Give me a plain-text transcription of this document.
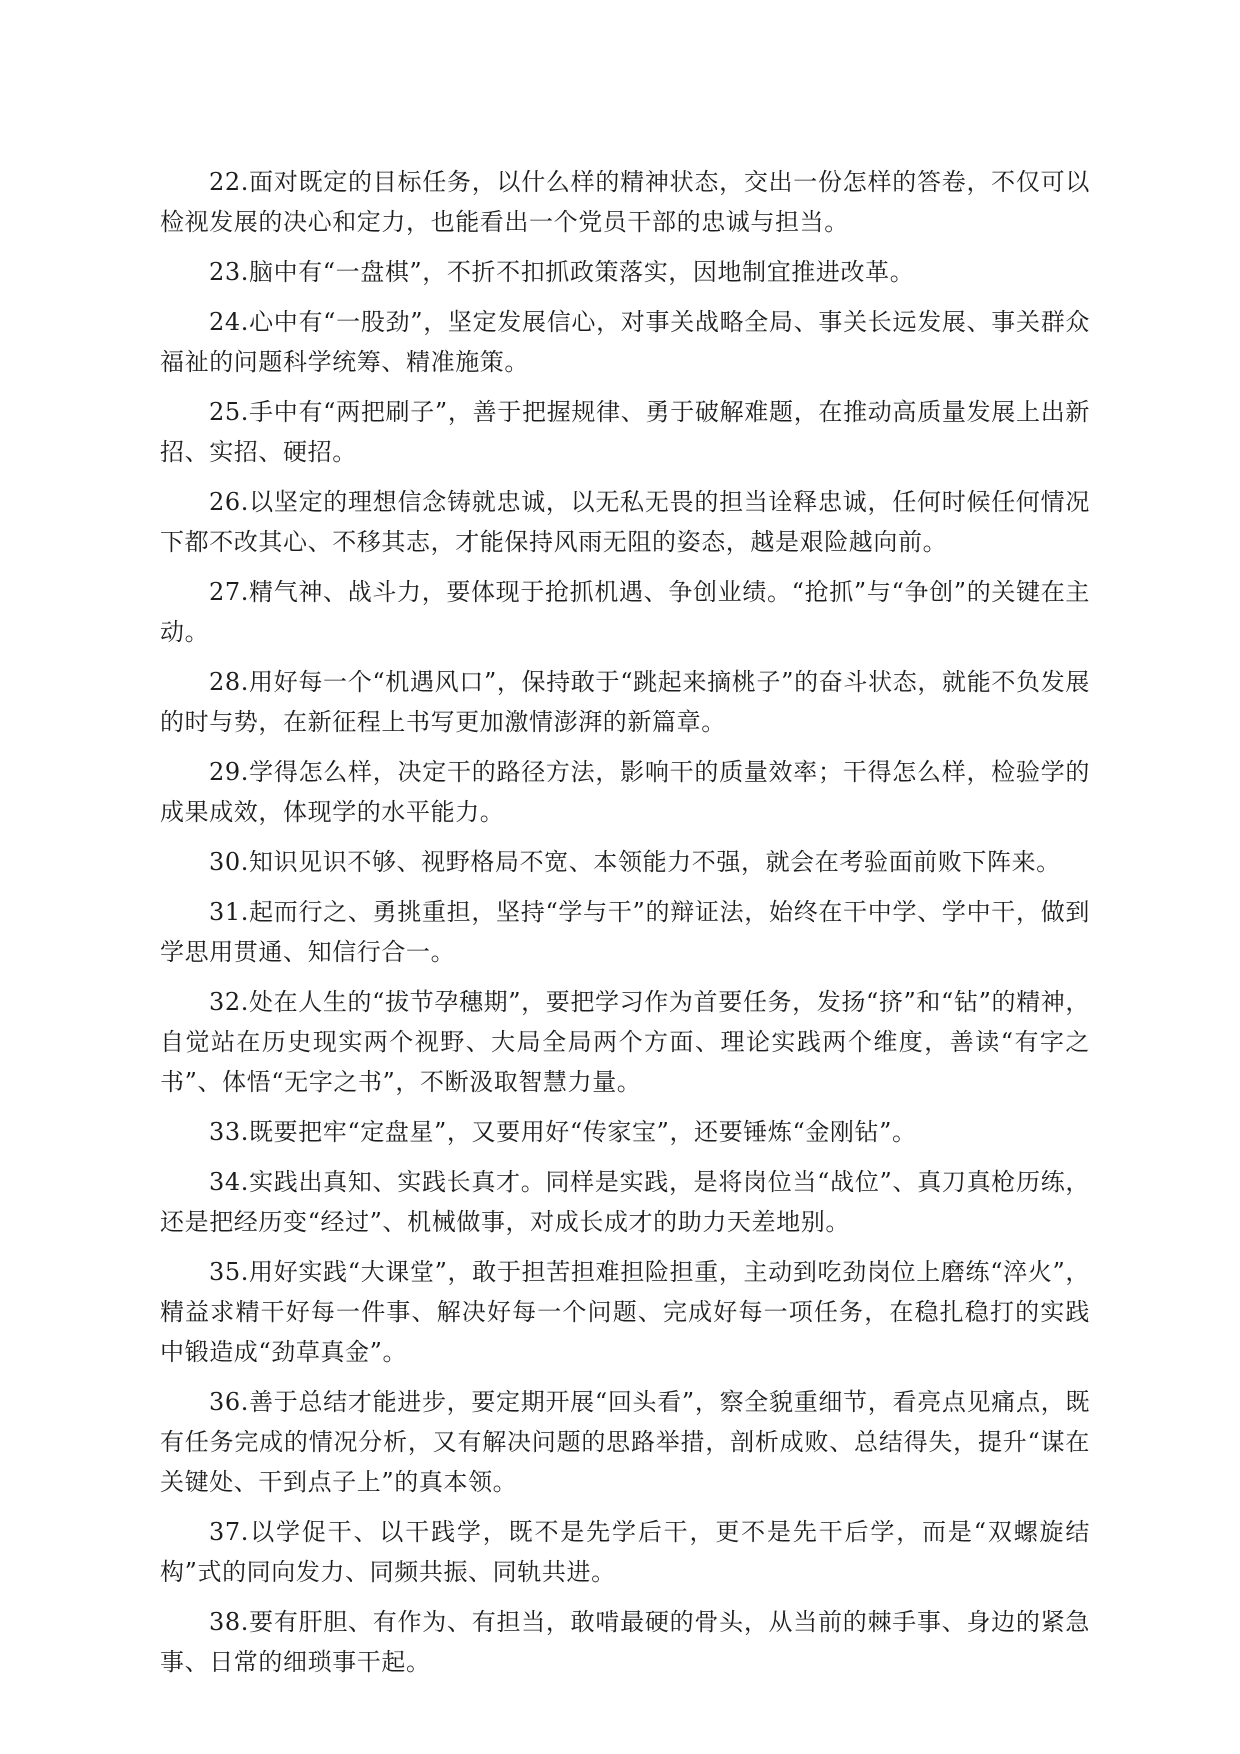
22.面对既定的目标任务，以什么样的精神状态，交出一份怎样的答卷，不仅可以检视发展的决心和定力，也能看出一个党员干部的忠诚与担当。

23.脑中有“一盘棋”，不折不扣抓政策落实，因地制宜推进改革。

24.心中有“一股劲”，坚定发展信心，对事关战略全局、事关长远发展、事关群众福祉的问题科学统筹、精准施策。

25.手中有“两把刷子”，善于把握规律、勇于破解难题，在推动高质量发展上出新招、实招、硬招。

26.以坚定的理想信念铸就忠诚，以无私无畏的担当诠释忠诚，任何时候任何情况下都不改其心、不移其志，才能保持风雨无阻的姿态，越是艰险越向前。

27.精气神、战斗力，要体现于抢抓机遇、争创业绩。“抢抓”与“争创”的关键在主动。

28.用好每一个“机遇风口”，保持敢于“跳起来摘桃子”的奋斗状态，就能不负发展的时与势，在新征程上书写更加激情澎湃的新篇章。

29.学得怎么样，决定干的路径方法，影响干的质量效率；干得怎么样，检验学的成果成效，体现学的水平能力。

30.知识见识不够、视野格局不宽、本领能力不强，就会在考验面前败下阵来。

31.起而行之、勇挑重担，坚持“学与干”的辩证法，始终在干中学、学中干，做到学思用贯通、知信行合一。

32.处在人生的“拔节孕穗期”，要把学习作为首要任务，发扬“挤”和“钻”的精神，自觉站在历史现实两个视野、大局全局两个方面、理论实践两个维度，善读“有字之书”、体悟“无字之书”，不断汲取智慧力量。

33.既要把牢“定盘星”，又要用好“传家宝”，还要锤炼“金刚钻”。

34.实践出真知、实践长真才。同样是实践，是将岗位当“战位”、真刀真枪历练，还是把经历变“经过”、机械做事，对成长成才的助力天差地别。

35.用好实践“大课堂”，敢于担苦担难担险担重，主动到吃劲岗位上磨练“淬火”，精益求精干好每一件事、解决好每一个问题、完成好每一项任务，在稳扎稳打的实践中锻造成“劲草真金”。

36.善于总结才能进步，要定期开展“回头看”，察全貌重细节，看亮点见痛点，既有任务完成的情况分析，又有解决问题的思路举措，剖析成败、总结得失，提升“谋在关键处、干到点子上”的真本领。

37.以学促干、以干践学，既不是先学后干，更不是先干后学，而是“双螺旋结构”式的同向发力、同频共振、同轨共进。

38.要有肝胆、有作为、有担当，敢啃最硬的骨头，从当前的棘手事、身边的紧急事、日常的细琐事干起。
